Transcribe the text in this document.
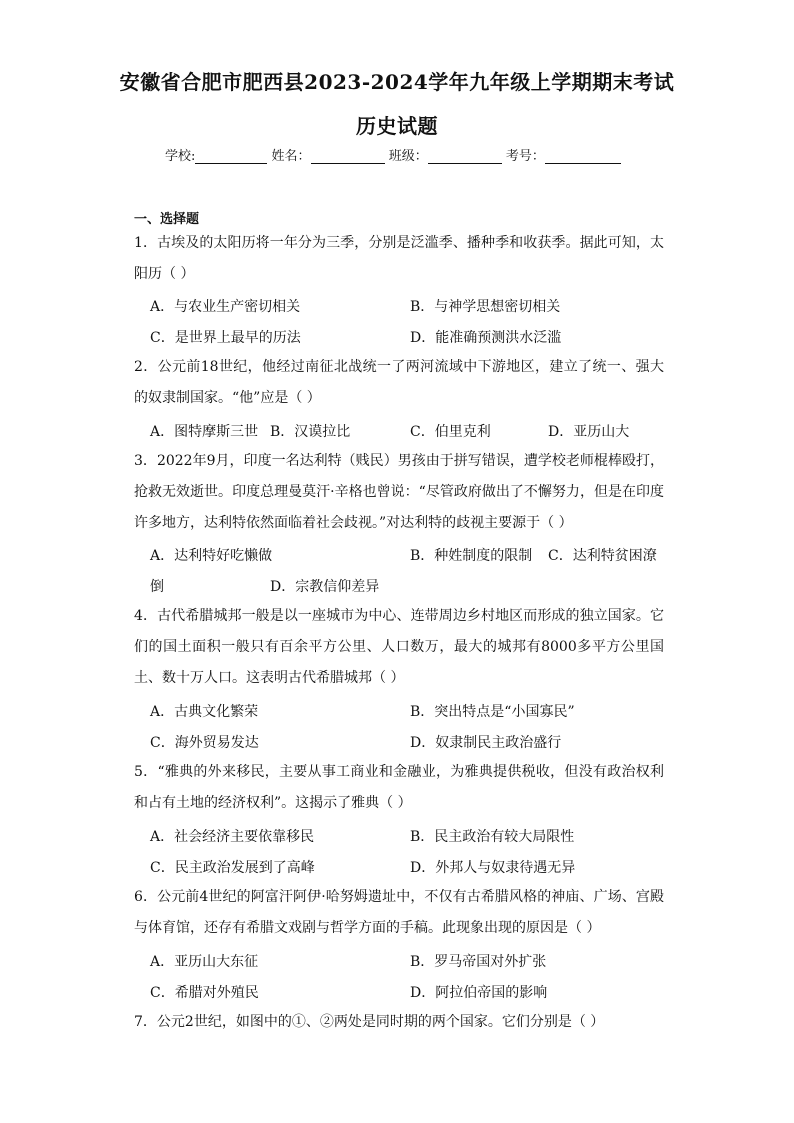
安徽省合肥市肥西县2023-2024学年九年级上学期期末考试
历史试题
学校:	姓名：	班级：	考号：
一、选择题
1．古埃及的太阳历将一年分为三季，分别是泛滥季、播种季和收获季。据此可知，太阳历（ ）
A．与农业生产密切相关	B．与神学思想密切相关
C．是世界上最早的历法	D．能准确预测洪水泛滥
2．公元前18世纪，他经过南征北战统一了两河流域中下游地区，建立了统一、强大的奴隶制国家。“他”应是（ ）
A．图特摩斯三世 B．汉谟拉比	C．伯里克利	D．亚历山大
3．2022年9月，印度一名达利特（贱民）男孩由于拼写错误，遭学校老师棍棒殴打，抢救无效逝世。印度总理曼莫汗·辛格也曾说：“尽管政府做出了不懈努力，但是在印度许多地方，达利特依然面临着社会歧视。”对达利特的歧视主要源于（ ）
A．达利特好吃懒做	B．种姓制度的限制 C．达利特贫困潦
倒	D．宗教信仰差异
4．古代希腊城邦一般是以一座城市为中心、连带周边乡村地区而形成的独立国家。它们的国土面积一般只有百余平方公里、人口数万，最大的城邦有8000多平方公里国土、数十万人口。这表明古代希腊城邦（ ）
A．古典文化繁荣	B．突出特点是“小国寡民”
C．海外贸易发达	D．奴隶制民主政治盛行
5．“雅典的外来移民，主要从事工商业和金融业，为雅典提供税收，但没有政治权利和占有土地的经济权利”。这揭示了雅典（ ）
A．社会经济主要依靠移民	B．民主政治有较大局限性
C．民主政治发展到了高峰	D．外邦人与奴隶待遇无异
6．公元前4世纪的阿富汗阿伊·哈努姆遗址中，不仅有古希腊风格的神庙、广场、宫殿与体育馆，还存有希腊文戏剧与哲学方面的手稿。此现象出现的原因是（ ）
A．亚历山大东征	B．罗马帝国对外扩张
C．希腊对外殖民	D．阿拉伯帝国的影响
7．公元2世纪，如图中的①、②两处是同时期的两个国家。它们分别是（ ）
